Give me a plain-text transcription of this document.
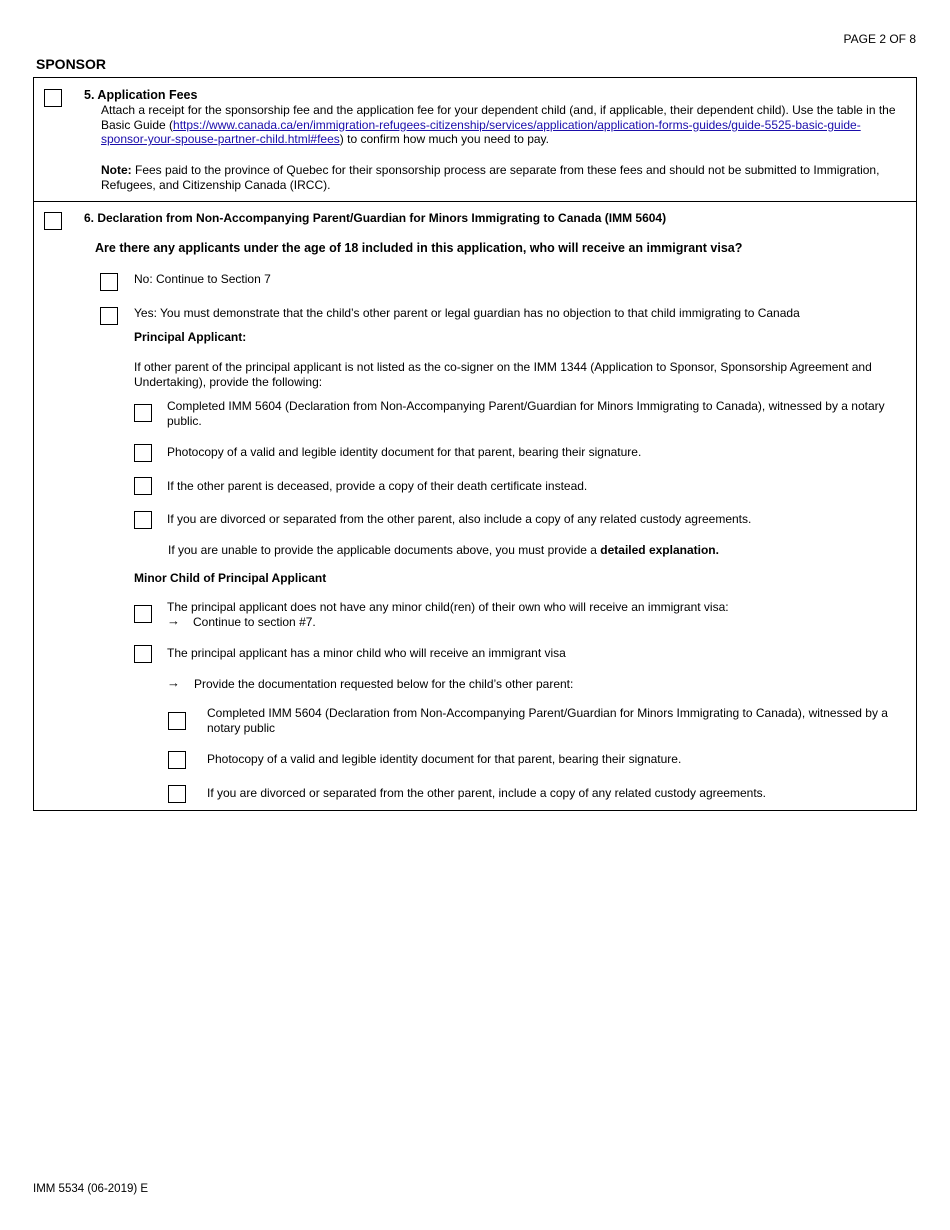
PAGE 2 OF 8
SPONSOR
5. Application Fees
Attach a receipt for the sponsorship fee and the application fee for your dependent child (and, if applicable, their dependent child). Use the table in the Basic Guide (https://www.canada.ca/en/immigration-refugees-citizenship/services/application/application-forms-guides/guide-5525-basic-guide-sponsor-your-spouse-partner-child.html#fees) to confirm how much you need to pay.
Note: Fees paid to the province of Quebec for their sponsorship process are separate from these fees and should not be submitted to Immigration, Refugees, and Citizenship Canada (IRCC).
6. Declaration from Non-Accompanying Parent/Guardian for Minors Immigrating to Canada (IMM 5604)
Are there any applicants under the age of 18 included in this application, who will receive an immigrant visa?
No: Continue to Section 7
Yes: You must demonstrate that the child’s other parent or legal guardian has no objection to that child immigrating to Canada
Principal Applicant:
If other parent of the principal applicant is not listed as the co-signer on the IMM 1344 (Application to Sponsor, Sponsorship Agreement and Undertaking), provide the following:
Completed IMM 5604 (Declaration from Non-Accompanying Parent/Guardian for Minors Immigrating to Canada), witnessed by a notary public.
Photocopy of a valid and legible identity document for that parent, bearing their signature.
If the other parent is deceased, provide a copy of their death certificate instead.
If you are divorced or separated from the other parent, also include a copy of any related custody agreements.
If you are unable to provide the applicable documents above, you must provide a detailed explanation.
Minor Child of Principal Applicant
The principal applicant does not have any minor child(ren) of their own who will receive an immigrant visa:
→ Continue to section #7.
The principal applicant has a minor child who will receive an immigrant visa
→ Provide the documentation requested below for the child’s other parent:
Completed IMM 5604 (Declaration from Non-Accompanying Parent/Guardian for Minors Immigrating to Canada), witnessed by a notary public
Photocopy of a valid and legible identity document for that parent, bearing their signature.
If you are divorced or separated from the other parent, include a copy of any related custody agreements.
IMM 5534 (06-2019) E
